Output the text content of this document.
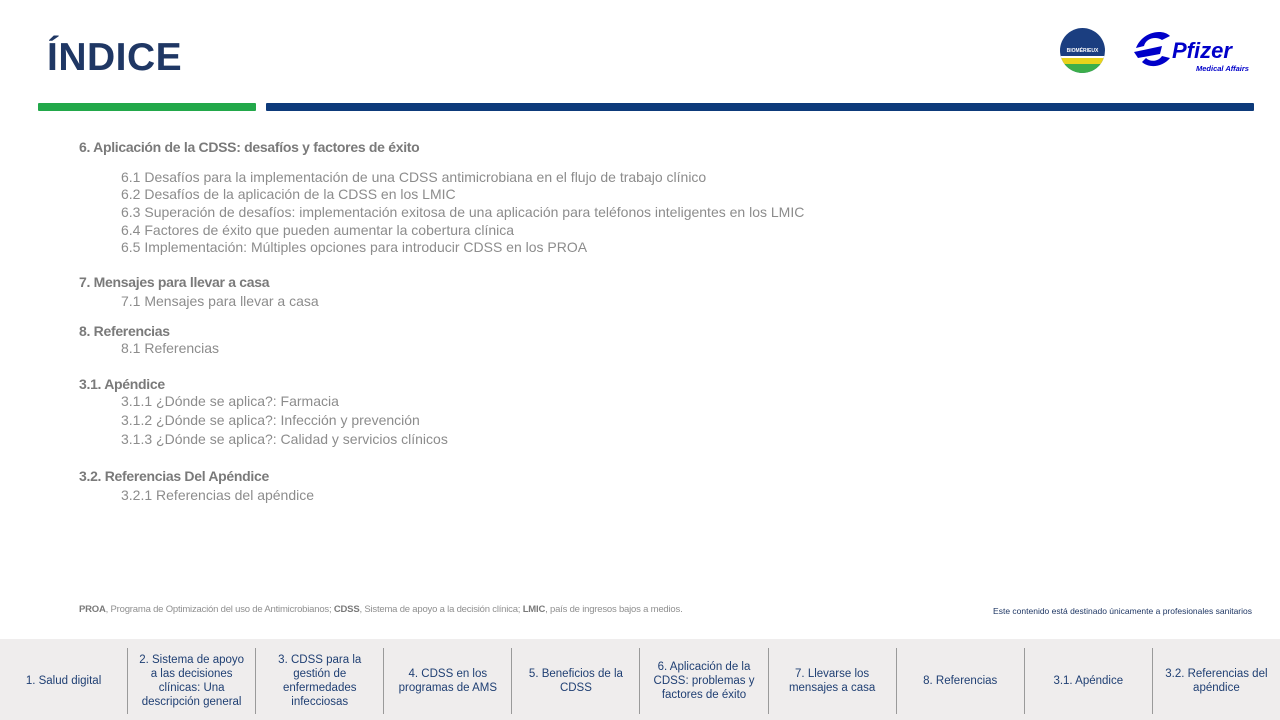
ÍNDICE	BIOMÉRIEUX	Pfizer
Medical Affairs
6. Aplicación de la CDSS: desafíos y factores de éxito
6.1 Desafíos para la implementación de una CDSS antimicrobiana en el flujo de trabajo clínico
6.2 Desafíos de la aplicación de la CDSS en los LMIC
6.3 Superación de desafíos: implementación exitosa de una aplicación para teléfonos inteligentes en los LMIC
6.4 Factores de éxito que pueden aumentar la cobertura clínica
6.5 Implementación: Múltiples opciones para introducir CDSS en los PROA
7. Mensajes para llevar a casa
7.1 Mensajes para llevar a casa
8. Referencias
8.1 Referencias
3.1. Apéndice
3.1.1 ¿Dónde se aplica?: Farmacia
3.1.2 ¿Dónde se aplica?: Infección y prevención
3.1.3 ¿Dónde se aplica?: Calidad y servicios clínicos
3.2. Referencias Del Apéndice
3.2.1 Referencias del apéndice
PROA, Programa de Optimización del uso de Antimicrobianos; CDSS, Sistema de apoyo a la decisión clínica; LMIC, país de ingresos bajos a medios.	Este contenido está destinado únicamente a profesionales sanitarios
1. Salud digital
2. Sistema de apoyo a las decisiones clínicas: Una descripción general
3. CDSS para la gestión de enfermedades infecciosas
4. CDSS en los programas de AMS
5. Beneficios de la CDSS
6. Aplicación de la CDSS: problemas y factores de éxito
7. Llevarse los mensajes a casa
8. Referencias	3.1. Apéndice
3.2. Referencias del apéndice
